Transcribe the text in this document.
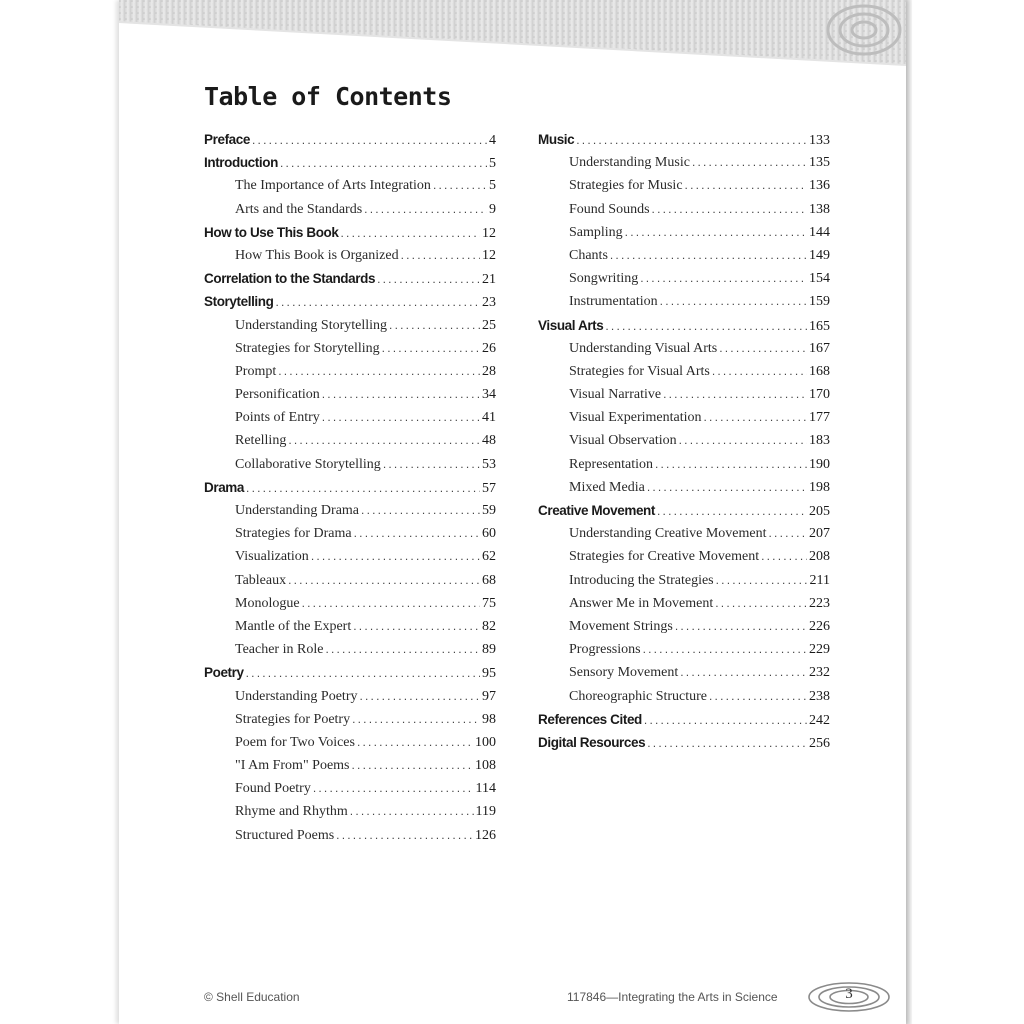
Table of Contents
Preface .....	4
Introduction .....	5
The Importance of Arts Integration .....	5
Arts and the Standards .....	9
How to Use This Book .....	12
How This Book is Organized .....	12
Correlation to the Standards .....	21
Storytelling .....	23
Understanding Storytelling .....	25
Strategies for Storytelling .....	26
Prompt .....	28
Personification .....	34
Points of Entry .....	41
Retelling .....	48
Collaborative Storytelling .....	53
Drama .....	57
Understanding Drama .....	59
Strategies for Drama .....	60
Visualization .....	62
Tableaux .....	68
Monologue .....	75
Mantle of the Expert .....	82
Teacher in Role .....	89
Poetry .....	95
Understanding Poetry .....	97
Strategies for Poetry .....	98
Poem for Two Voices .....	100
"I Am From" Poems .....	108
Found Poetry .....	114
Rhyme and Rhythm .....	119
Structured Poems .....	126
Music .....	133
Understanding Music .....	135
Strategies for Music .....	136
Found Sounds .....	138
Sampling .....	144
Chants .....	149
Songwriting .....	154
Instrumentation .....	159
Visual Arts .....	165
Understanding Visual Arts .....	167
Strategies for Visual Arts .....	168
Visual Narrative .....	170
Visual Experimentation .....	177
Visual Observation .....	183
Representation .....	190
Mixed Media .....	198
Creative Movement .....	205
Understanding Creative Movement .....	207
Strategies for Creative Movement .....	208
Introducing the Strategies .....	211
Answer Me in Movement .....	223
Movement Strings .....	226
Progressions .....	229
Sensory Movement .....	232
Choreographic Structure .....	238
References Cited .....	242
Digital Resources .....	256
© Shell Education	117846—Integrating the Arts in Science	3
